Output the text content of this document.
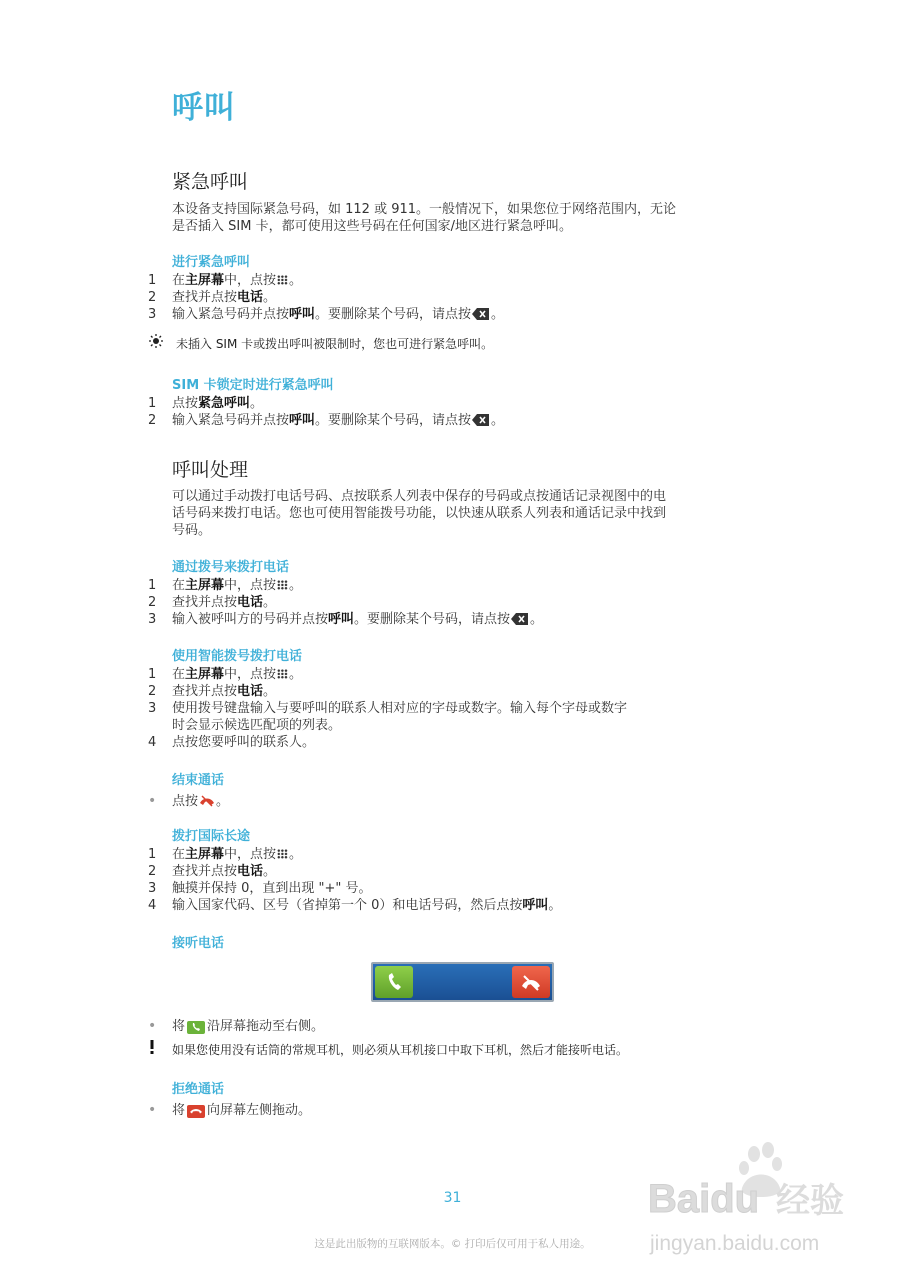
呼叫
紧急呼叫
本设备支持国际紧急号码，如 112 或 911。一般情况下，如果您位于网络范围内，无论
是否插入 SIM 卡，都可使用这些号码在任何国家/地区进行紧急呼叫。
进行紧急呼叫
1 在主屏幕中，点按 。
2 查找并点按电话。
3 输入紧急号码并点按呼叫。要删除某个号码，请点按 。
未插入 SIM 卡或拨出呼叫被限制时，您也可进行紧急呼叫。
SIM 卡锁定时进行紧急呼叫
1 点按紧急呼叫。
2 输入紧急号码并点按呼叫。要删除某个号码，请点按 。
呼叫处理
可以通过手动拨打电话号码、点按联系人列表中保存的号码或点按通话记录视图中的电
话号码来拨打电话。您也可使用智能拨号功能，以快速从联系人列表和通话记录中找到
号码。
通过拨号来拨打电话
1 在主屏幕中，点按 。
2 查找并点按电话。
3 输入被呼叫方的号码并点按呼叫。要删除某个号码，请点按 。
使用智能拨号拨打电话
1 在主屏幕中，点按 。
2 查找并点按电话。
3 使用拨号键盘输入与要呼叫的联系人相对应的字母或数字。输入每个字母或数字
时会显示候选匹配项的列表。
4 点按您要呼叫的联系人。
结束通话
• 点按 。
拨打国际长途
1 在主屏幕中，点按 。
2 查找并点按电话。
3 触摸并保持 0，直到出现 "+" 号。
4 输入国家代码、区号（省掉第一个 0）和电话号码，然后点按呼叫。
接听电话
• 将 沿屏幕拖动至右侧。
如果您使用没有话筒的常规耳机，则必须从耳机接口中取下耳机，然后才能接听电话。
拒绝通话
• 将 向屏幕左侧拖动。
Baidu 经验
jingyan.baidu.com
31
这是此出版物的互联网版本。© 打印后仅可用于私人用途。
